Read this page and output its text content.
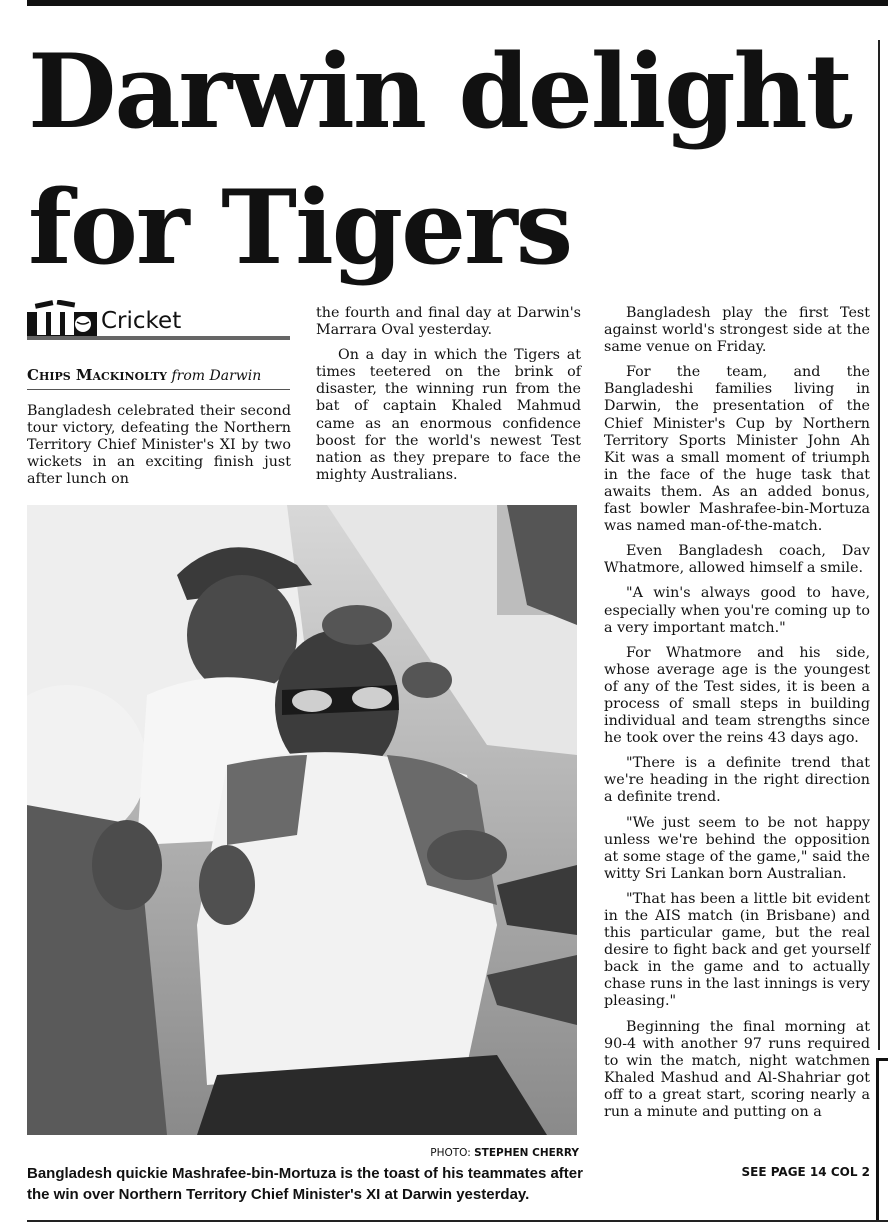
Darwin delight for Tigers
Cricket
Chips Mackinolty from Darwin

Bangladesh celebrated their second tour victory, defeating the Northern Territory Chief Minister's XI by two wickets in an exciting finish just after lunch on

the fourth and final day at Darwin's Marrara Oval yesterday.

On a day in which the Tigers at times teetered on the brink of disaster, the winning run from the bat of captain Khaled Mahmud came as an enormous confidence boost for the world's newest Test nation as they prepare to face the mighty Australians.

Bangladesh play the first Test against world's strongest side at the same venue on Friday.

For the team, and the Bangladeshi families living in Darwin, the presentation of the Chief Minister's Cup by Northern Territory Sports Minister John Ah Kit was a small moment of triumph in the face of the huge task that awaits them. As an added bonus, fast bowler Mashrafee-bin-Mortuza was named man-of-the-match.

Even Bangladesh coach, Dav Whatmore, allowed himself a smile.

"A win's always good to have, especially when you're coming up to a very important match."

For Whatmore and his side, whose average age is the youngest of any of the Test sides, it is been a process of small steps in building individual and team strengths since he took over the reins 43 days ago.

"There is a definite trend that we're heading in the right direction a definite trend.

"We just seem to be not happy unless we're behind the opposition at some stage of the game," said the witty Sri Lankan born Australian.

"That has been a little bit evident in the AIS match (in Brisbane) and this particular game, but the real desire to fight back and get yourself back in the game and to actually chase runs in the last innings is very pleasing."

Beginning the final morning at 90-4 with another 97 runs required to win the match, night watchmen Khaled Mashud and Al-Shahriar got off to a great start, scoring nearly a run a minute and putting on a

PHOTO: STEPHEN CHERRY

Bangladesh quickie Mashrafee-bin-Mortuza is the toast of his teammates after the win over Northern Territory Chief Minister's XI at Darwin yesterday.

SEE PAGE 14 COL 2
